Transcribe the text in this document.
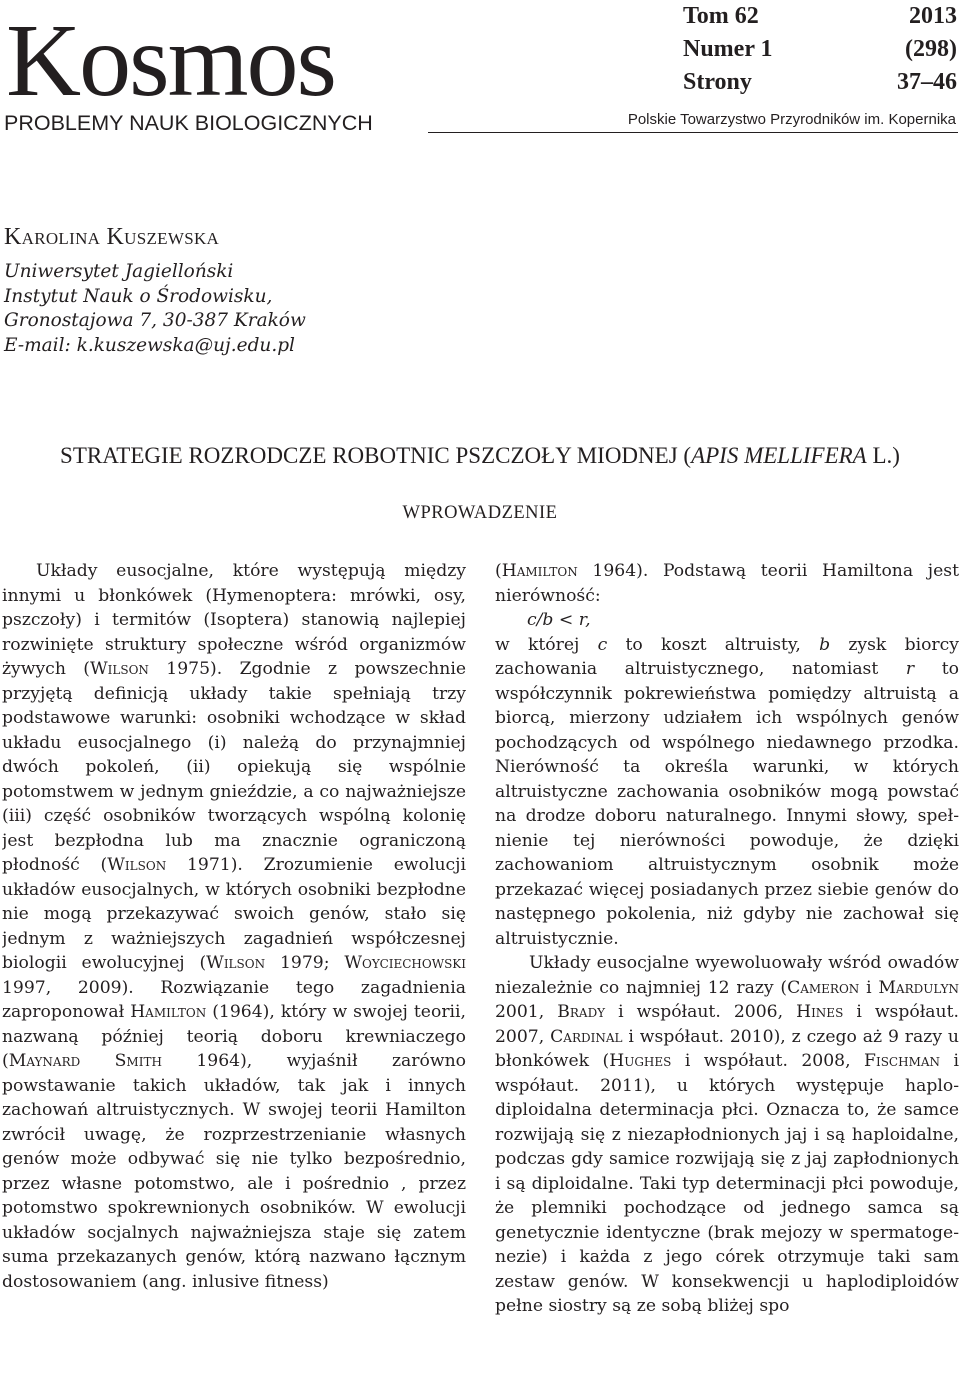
Kosmos
PROBLEMY NAUK BIOLOGICZNYCH
Tom 62	2013
Numer 1	(298)
Strony	37–46
Polskie Towarzystwo Przyrodników im. Kopernika
Karolina Kuszewska
Uniwersytet Jagielloński
Instytut Nauk o Środowisku,
Gronostajowa 7, 30-387 Kraków
E-mail: k.kuszewska@uj.edu.pl
STRATEGIE ROZRODCZE ROBOTNIC PSZCZOŁY MIODNEJ (APIS MELLIFERA L.)
WPROWADZENIE

Układy eusocjalne, które występują między innymi u błonkówek (Hymenoptera: mrówki, osy, pszczoły) i termitów (Isoptera) stanowią najlepiej rozwinięte struktury społeczne wśród organizmów żywych (Wilson 1975). Zgodnie z powszechnie przyjętą definicją układy takie spełniają trzy podstawowe warunki: osobniki wchodzące w skład układu eusocjalnego (i) należą do przynajmniej dwóch pokoleń, (ii) opiekują się wspólnie potomstwem w jednym gnieździe, a co najważniejsze (iii) część osobników tworzących wspólną kolonię jest bezpłodna lub ma znacznie ograniczoną płodność (Wilson 1971). Zrozumienie ewolucji układów eusocjalnych, w których osobniki bezpłodne nie mogą przekazywać swoich genów, stało się jednym z ważniejszych zagadnień współczesnej biologii ewolucyjnej (Wilson 1979; Woyciechowski 1997, 2009). Rozwiązanie tego zagadnienia zaproponował Hamilton (1964), który w swojej teorii, nazwaną później teorią doboru krewniaczego (Maynard Smith 1964), wyjaśnił zarówno powstawanie takich układów, tak jak i innych zachowań altruistycznych. W swojej teorii Hamilton zwrócił uwagę, że rozprzestrzenianie własnych genów może odbywać się nie tylko bezpośrednio, przez własne potomstwo, ale i pośrednio , przez potomstwo spokrewnionych osobników. W ewolucji układów socjalnych najważniejsza staje się zatem suma przekazanych genów, którą nazwano łącznym dostosowaniem (ang. inlusive fitness)

(Hamilton 1964). Podstawą teorii Hamiltona jest nierówność:
c/b < r,
w której c to koszt altruisty, b zysk biorcy zachowania altruistycznego, natomiast r to współczynnik pokrewieństwa pomiędzy altruistą a biorcą, mierzony udziałem ich wspólnych genów pochodzących od wspólnego niedawnego przodka. Nierówność ta określa warunki, w których altruistyczne zachowania osobników mogą powstać na drodze doboru naturalnego. Innymi słowy, spełnienie tej nierówności powoduje, że dzięki zachowaniom altruistycznym osobnik może przekazać więcej posiadanych przez siebie genów do następnego pokolenia, niż gdyby nie zachował się altruistycznie.

Układy eusocjalne wyewoluowały wśród owadów niezależnie co najmniej 12 razy (Cameron i Mardulyn 2001, Brady i współaut. 2006, Hines i współaut. 2007, Cardinal i współaut. 2010), z czego aż 9 razy u błonkówek (Hughes i współaut. 2008, Fischman i współaut. 2011), u których występuje haplodiploidalna determinacja płci. Oznacza to, że samce rozwijają się z niezapłodnionych jaj i są haploidalne, podczas gdy samice rozwijają się z jaj zapłodnionych i są diploidalne. Taki typ determinacji płci powoduje, że plemniki pochodzące od jednego samca są genetycznie identyczne (brak mejozy w spermatogenezie) i każda z jego córek otrzymuje taki sam zestaw genów. W konsekwencji u haplodiploidów pełne siostry są ze sobą bliżej spo
